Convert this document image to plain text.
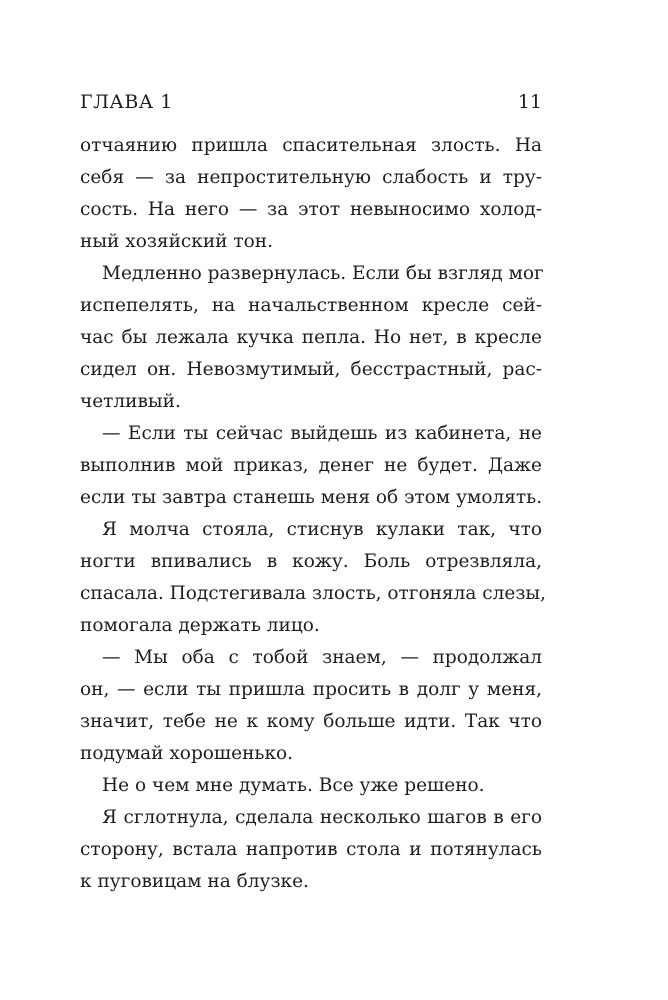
ГЛАВА 1	11

отчаянию пришла спасительная злость. На
себя — за непростительную слабость и тру-
сость. На него — за этот невыносимо холод-
ный хозяйский тон.

Медленно развернулась. Если бы взгляд мог
испепелять, на начальственном кресле сей-
час бы лежала кучка пепла. Но нет, в кресле
сидел он. Невозмутимый, бесстрастный, рас-
четливый.

— Если ты сейчас выйдешь из кабинета, не
выполнив мой приказ, денег не будет. Даже
если ты завтра станешь меня об этом умолять.

Я молча стояла, стиснув кулаки так, что
ногти впивались в кожу. Боль отрезвляла,
спасала. Подстегивала злость, отгоняла слезы,
помогала держать лицо.

— Мы оба с тобой знаем, — продолжал
он, — если ты пришла просить в долг у меня,
значит, тебе не к кому больше идти. Так что
подумай хорошенько.

Не о чем мне думать. Все уже решено.

Я сглотнула, сделала несколько шагов в его
сторону, встала напротив стола и потянулась
к пуговицам на блузке.
